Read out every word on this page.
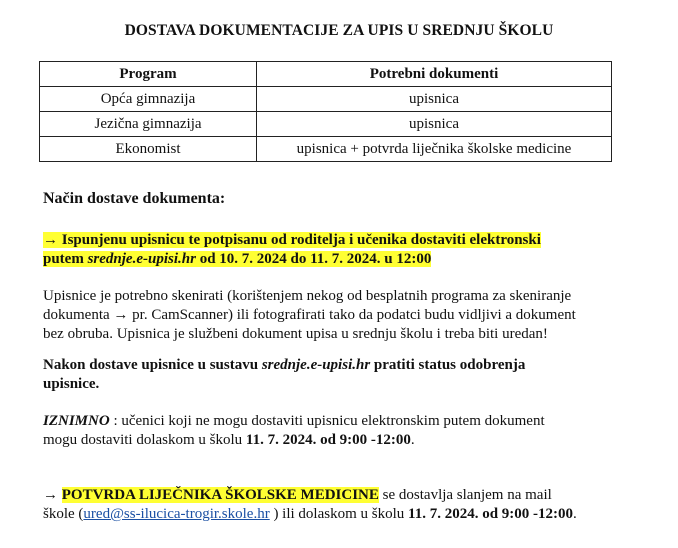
DOSTAVA DOKUMENTACIJE ZA UPIS U SREDNJU ŠKOLU
Program	Potrebni dokumenti
Opća gimnazija	upisnica
Jezična gimnazija	upisnica
Ekonomist	upisnica + potvrda liječnika školske medicine
Način dostave dokumenta:
→ Ispunjenu upisnicu te potpisanu od roditelja i učenika dostaviti elektronski
putem srednje.e-upisi.hr od 10. 7. 2024 do 11. 7. 2024. u 12:00
Upisnice je potrebno skenirati (korištenjem nekog od besplatnih programa za skeniranje
dokumenta → pr. CamScanner) ili fotografirati tako da podatci budu vidljivi a dokument
bez obruba. Upisnica je službeni dokument upisa u srednju školu i treba biti uredan!
Nakon dostave upisnice u sustavu srednje.e-upisi.hr pratiti status odobrenja
upisnice.
IZNIMNO : učenici koji ne mogu dostaviti upisnicu elektronskim putem dokument
mogu dostaviti dolaskom u školu 11. 7. 2024. od 9:00 -12:00.
→ POTVRDA LIJEČNIKA ŠKOLSKE MEDICINE se dostavlja slanjem na mail
škole (ured@ss-ilucica-trogir.skole.hr ) ili dolaskom u školu 11. 7. 2024. od 9:00 -12:00.
